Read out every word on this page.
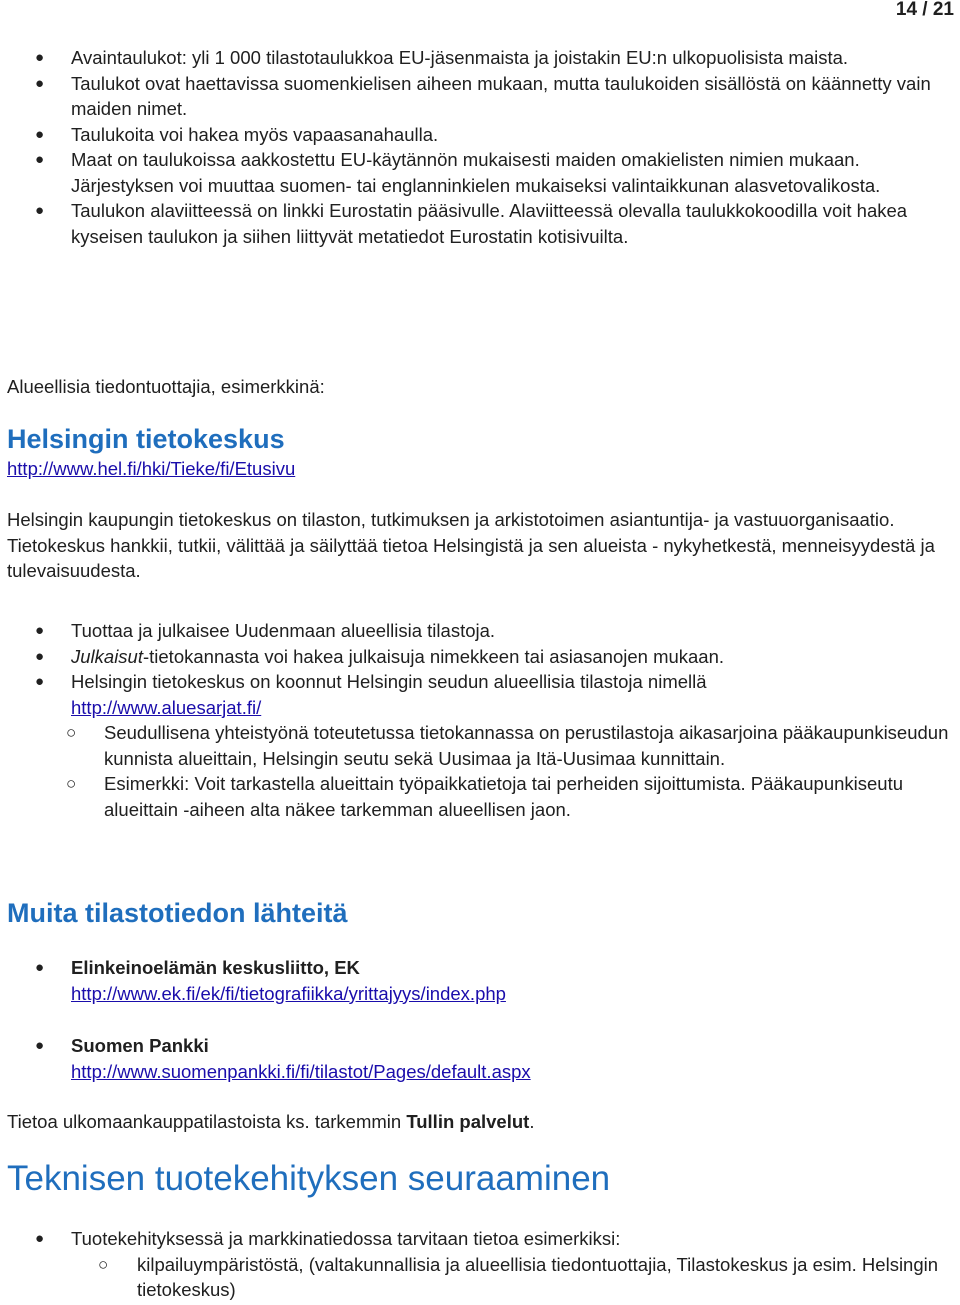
14 / 21
● Avaintaulukot: yli 1 000 tilastotaulukkoa EU-jäsenmaista ja joistakin EU:n ulkopuolisista maista.
● Taulukot ovat haettavissa suomenkielisen aiheen mukaan, mutta taulukoiden sisällöstä on käännetty vain maiden nimet.
● Taulukoita voi hakea myös vapaasanahaulla.
● Maat on taulukoissa aakkostettu EU-käytännön mukaisesti maiden omakielisten nimien mukaan. Järjestyksen voi muuttaa suomen- tai englanninkielen mukaiseksi valintaikkunan alasvetovalikosta.
● Taulukon alaviitteessä on linkki Eurostatin pääsivulle. Alaviitteessä olevalla taulukkokoodilla voit hakea kyseisen taulukon ja siihen liittyvät metatiedot Eurostatin kotisivuilta.

Alueellisia tiedontuottajia, esimerkkinä:

Helsingin tietokeskus

http://www.hel.fi/hki/Tieke/fi/Etusivu

Helsingin kaupungin tietokeskus on tilaston, tutkimuksen ja arkistotoimen asiantuntija- ja vastuuorganisaatio.

Tietokeskus hankkii, tutkii, välittää ja säilyttää tietoa Helsingistä ja sen alueista - nykyhetkestä, menneisyydestä ja tulevaisuudesta.

● Tuottaa ja julkaisee Uudenmaan alueellisia tilastoja.
● Julkaisut-tietokannasta voi hakea julkaisuja nimekkeen tai asiasanojen mukaan.
● Helsingin tietokeskus on koonnut Helsingin seudun alueellisia tilastoja nimellä
http://www.aluesarjat.fi/
○ Seudullisena yhteistyönä toteutetussa tietokannassa on perustilastoja aikasarjoina pääkaupunkiseudun kunnista alueittain, Helsingin seutu sekä Uusimaa ja Itä-Uusimaa kunnittain.
○ Esimerkki: Voit tarkastella alueittain työpaikkatietoja tai perheiden sijoittumista. Pääkaupunkiseutu alueittain -aiheen alta näkee tarkemman alueellisen jaon.
Muita tilastotiedon lähteitä
● Elinkeinoelämän keskusliitto, EK
http://www.ek.fi/ek/fi/tietografiikka/yrittajyys/index.php
● Suomen Pankki
http://www.suomenpankki.fi/fi/tilastot/Pages/default.aspx

Tietoa ulkomaankauppatilastoista ks. tarkemmin Tullin palvelut.

Teknisen tuotekehityksen seuraaminen
● Tuotekehityksessä ja markkinatiedossa tarvitaan tietoa esimerkiksi:
○ kilpailuympäristöstä, (valtakunnallisia ja alueellisia tiedontuottajia, Tilastokeskus ja esim. Helsingin tietokeskus)
